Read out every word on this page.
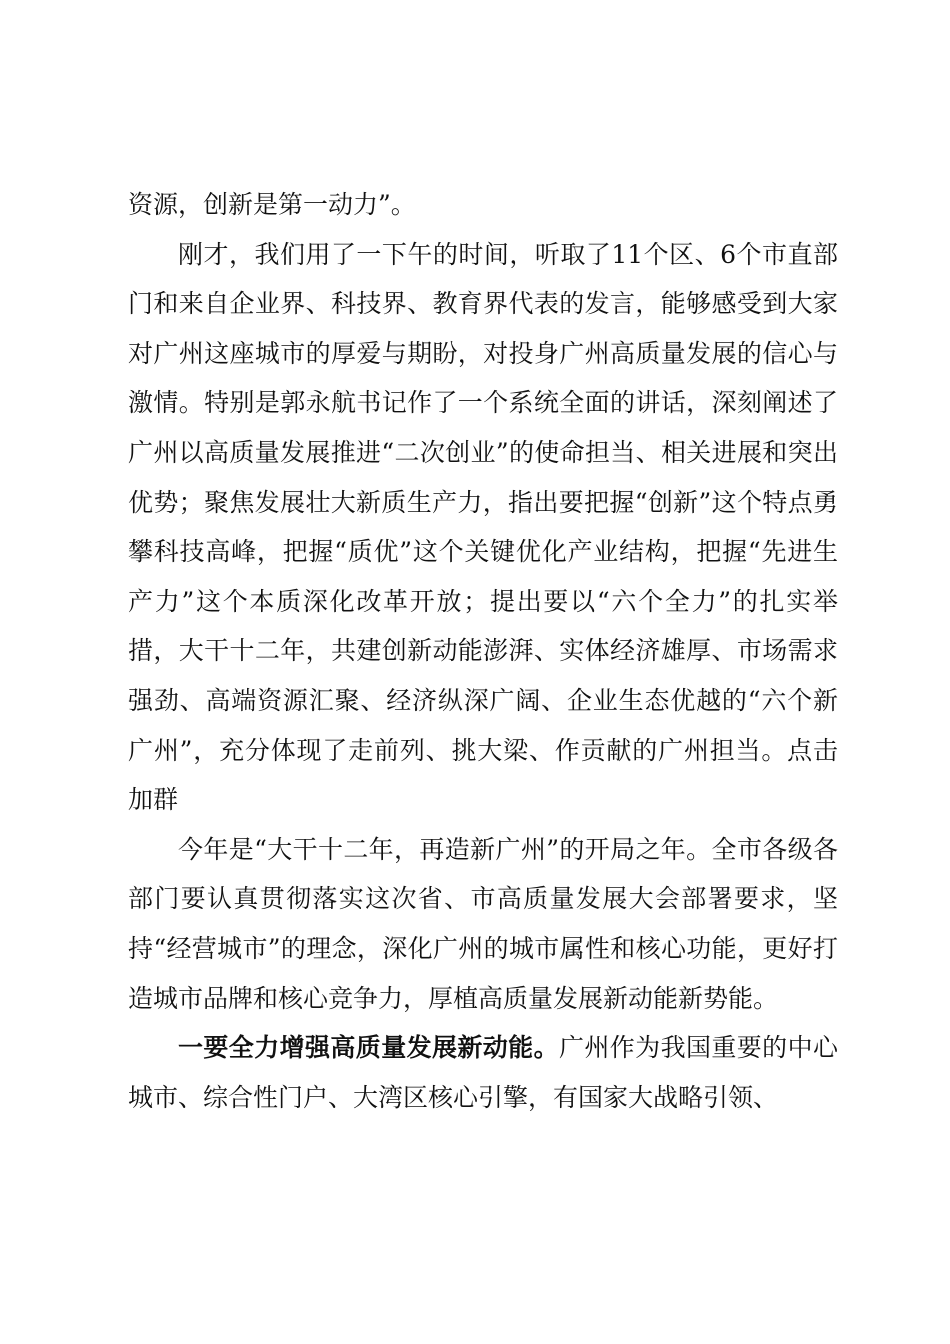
资源，创新是第一动力”。

刚才，我们用了一下午的时间，听取了11个区、6个市直部门和来自企业界、科技界、教育界代表的发言，能够感受到大家对广州这座城市的厚爱与期盼，对投身广州高质量发展的信心与激情。特别是郭永航书记作了一个系统全面的讲话，深刻阐述了广州以高质量发展推进“二次创业”的使命担当、相关进展和突出优势；聚焦发展壮大新质生产力，指出要把握“创新”这个特点勇攀科技高峰，把握“质优”这个关键优化产业结构，把握“先进生产力”这个本质深化改革开放；提出要以“六个全力”的扎实举措，大干十二年，共建创新动能澎湃、实体经济雄厚、市场需求强劲、高端资源汇聚、经济纵深广阔、企业生态优越的“六个新广州”，充分体现了走前列、挑大梁、作贡献的广州担当。点击加群

今年是“大干十二年，再造新广州”的开局之年。全市各级各部门要认真贯彻落实这次省、市高质量发展大会部署要求，坚持“经营城市”的理念，深化广州的城市属性和核心功能，更好打造城市品牌和核心竞争力，厚植高质量发展新动能新势能。

一要全力增强高质量发展新动能。广州作为我国重要的中心城市、综合性门户、大湾区核心引擎，有国家大战略引领、
